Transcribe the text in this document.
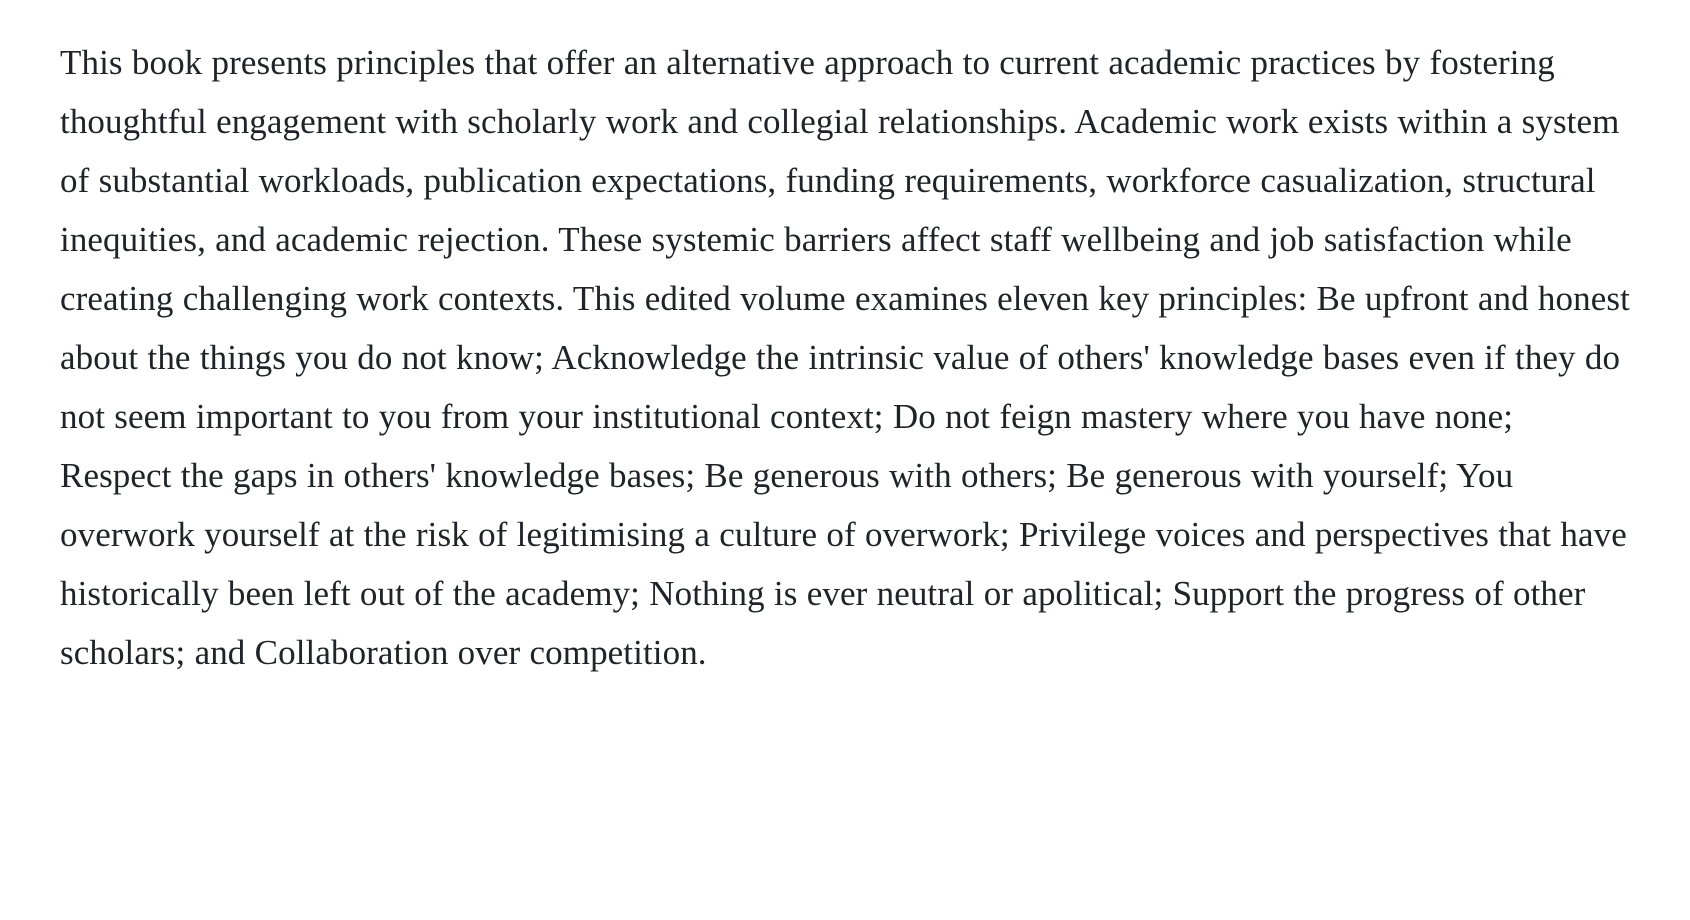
This book presents principles that offer an alternative approach to current academic practices by fostering thoughtful engagement with scholarly work and collegial relationships. Academic work exists within a system of substantial workloads, publication expectations, funding requirements, workforce casualization, structural inequities, and academic rejection. These systemic barriers affect staff wellbeing and job satisfaction while creating challenging work contexts. This edited volume examines eleven key principles: Be upfront and honest about the things you do not know; Acknowledge the intrinsic value of others' knowledge bases even if they do not seem important to you from your institutional context; Do not feign mastery where you have none; Respect the gaps in others' knowledge bases; Be generous with others; Be generous with yourself; You overwork yourself at the risk of legitimising a culture of overwork; Privilege voices and perspectives that have historically been left out of the academy; Nothing is ever neutral or apolitical; Support the progress of other scholars; and Collaboration over competition.
